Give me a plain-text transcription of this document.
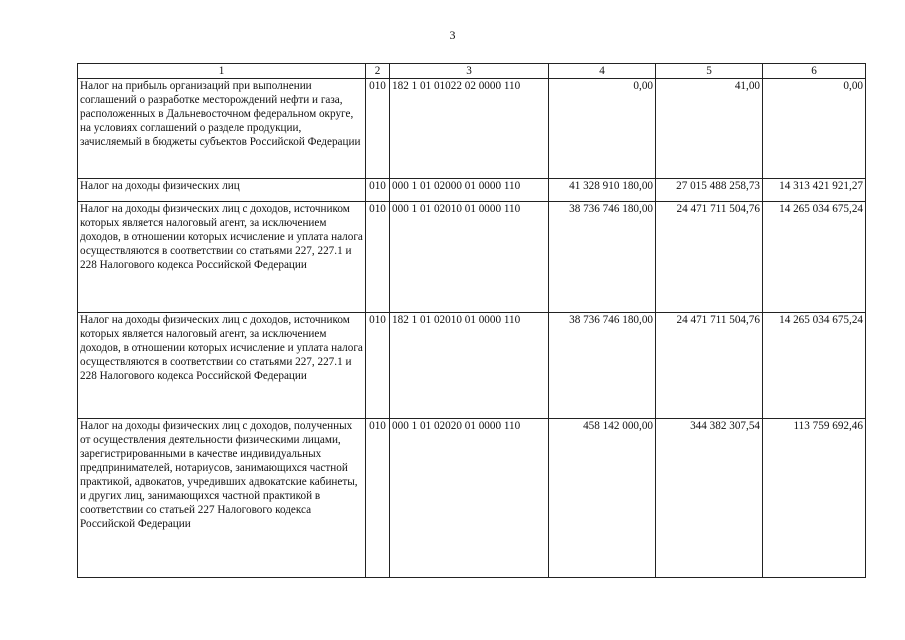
3
1	2	3	4	5	6
Налог на прибыль организаций при выполнении соглашений о разработке месторождений нефти и газа, расположенных в Дальневосточном федеральном округе, на условиях соглашений о разделе продукции, зачисляемый в бюджеты субъектов Российской Федерации	010	182 1 01 01022 02 0000 110	0,00	41,00	0,00
Налог на доходы физических лиц	010	000 1 01 02000 01 0000 110	41 328 910 180,00	27 015 488 258,73	14 313 421 921,27
Налог на доходы физических лиц с доходов, источником которых является налоговый агент, за исключением доходов, в отношении которых исчисление и уплата налога осуществляются в соответствии со статьями 227, 227.1 и 228 Налогового кодекса Российской Федерации	010	000 1 01 02010 01 0000 110	38 736 746 180,00	24 471 711 504,76	14 265 034 675,24
Налог на доходы физических лиц с доходов, источником которых является налоговый агент, за исключением доходов, в отношении которых исчисление и уплата налога осуществляются в соответствии со статьями 227, 227.1 и 228 Налогового кодекса Российской Федерации	010	182 1 01 02010 01 0000 110	38 736 746 180,00	24 471 711 504,76	14 265 034 675,24
Налог на доходы физических лиц с доходов, полученных от осуществления деятельности физическими лицами, зарегистрированными в качестве индивидуальных предпринимателей, нотариусов, занимающихся частной практикой, адвокатов, учредивших адвокатские кабинеты, и других лиц, занимающихся частной практикой в соответствии со статьей 227 Налогового кодекса Российской Федерации	010	000 1 01 02020 01 0000 110	458 142 000,00	344 382 307,54	113 759 692,46
